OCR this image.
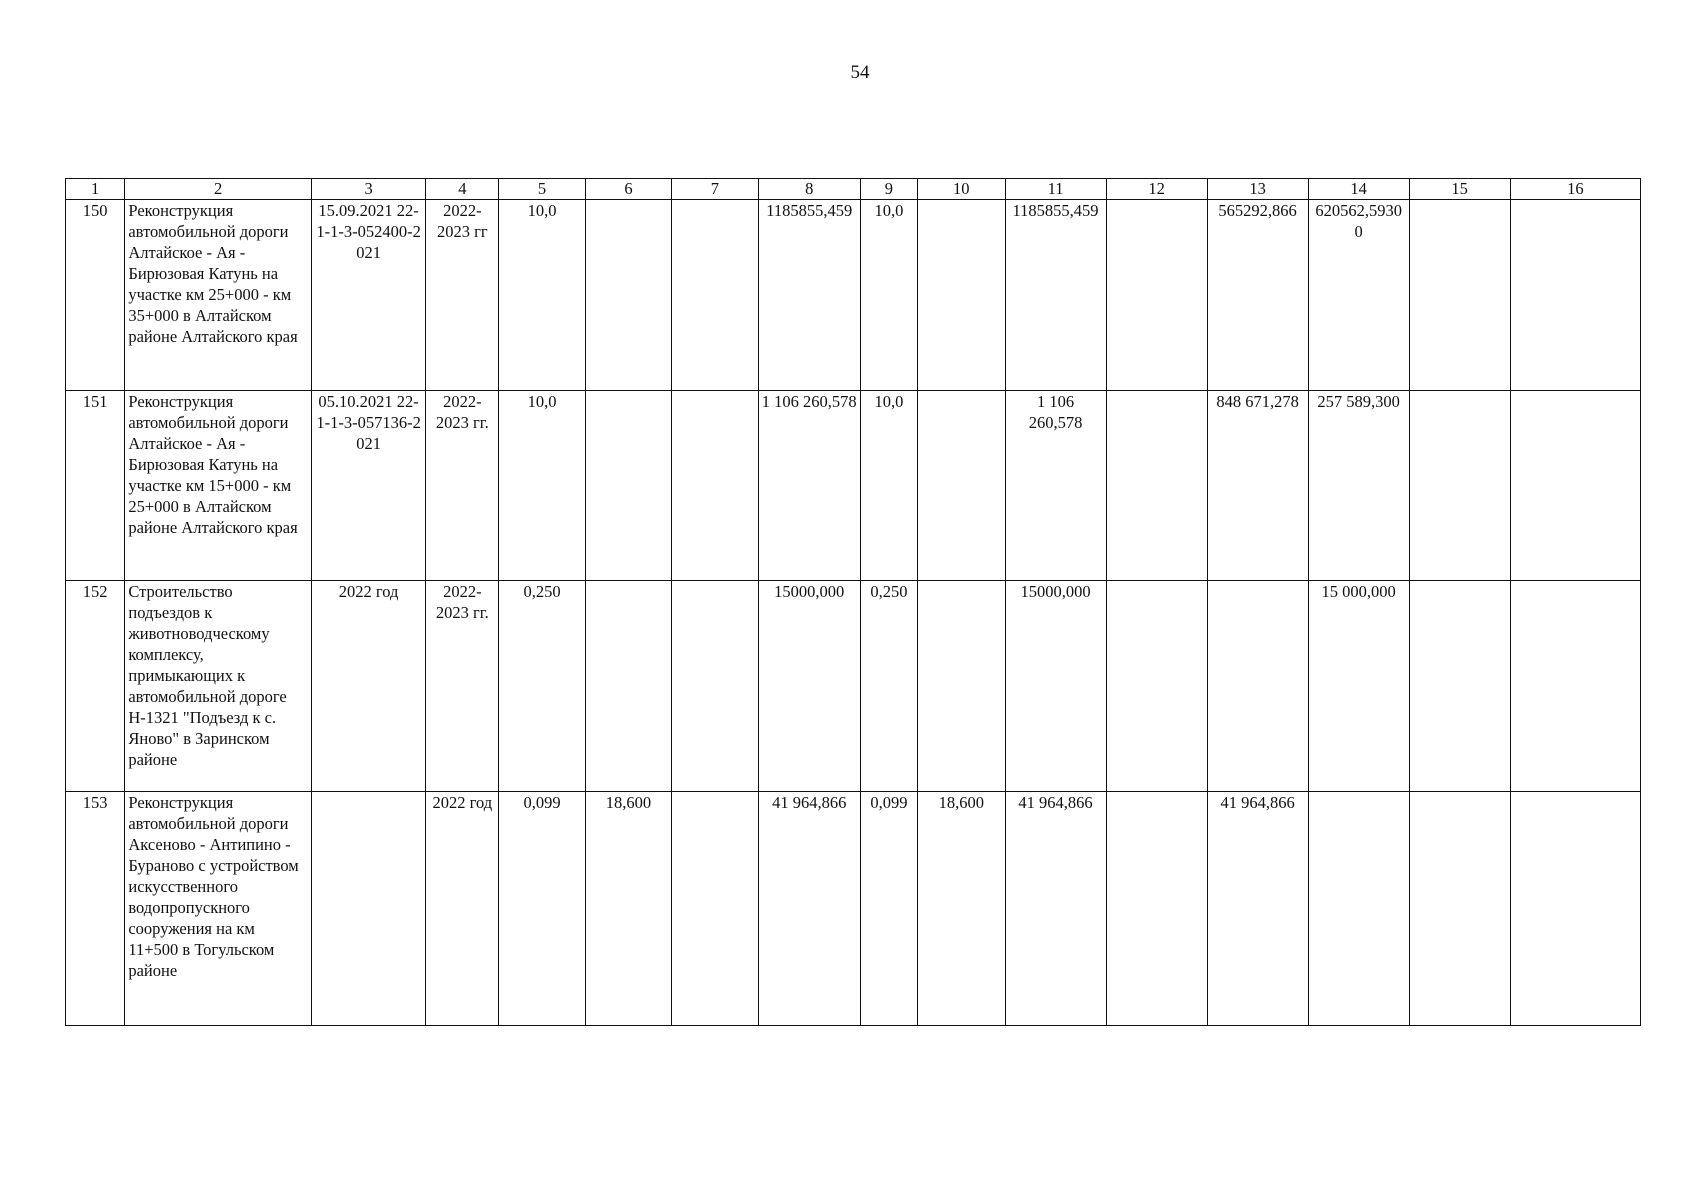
54
1	2	3	4	5	6	7	8	9	10	11	12	13	14	15	16
150	Реконструкция автомобильной дороги Алтайское - Ая - Бирюзовая Катунь на участке км 25+000 - км 35+000 в Алтайском районе Алтайского края	15.09.2021 22-1-1-3-052400-2021	2022-2023 гг	10,0			1185855,459	10,0		1185855,459		565292,866	620562,59300		
151	Реконструкция автомобильной дороги Алтайское - Ая - Бирюзовая Катунь на участке км 15+000 - км 25+000 в Алтайском районе Алтайского края	05.10.2021 22-1-1-3-057136-2021	2022-2023 гг.	10,0			1 106 260,578	10,0		1 106 260,578		848 671,278	257 589,300		
152	Строительство подъездов к животноводческому комплексу, примыкающих к автомобильной дороге Н-1321 "Подъезд к с. Яново" в Заринском районе	2022 год	2022-2023 гг.	0,250			15000,000	0,250		15000,000			15 000,000		
153	Реконструкция автомобильной дороги Аксеново - Антипино - Бураново с устройством искусственного водопропускного сооружения на км 11+500 в Тогульском районе		2022 год	0,099	18,600		41 964,866	0,099	18,600	41 964,866		41 964,866			
